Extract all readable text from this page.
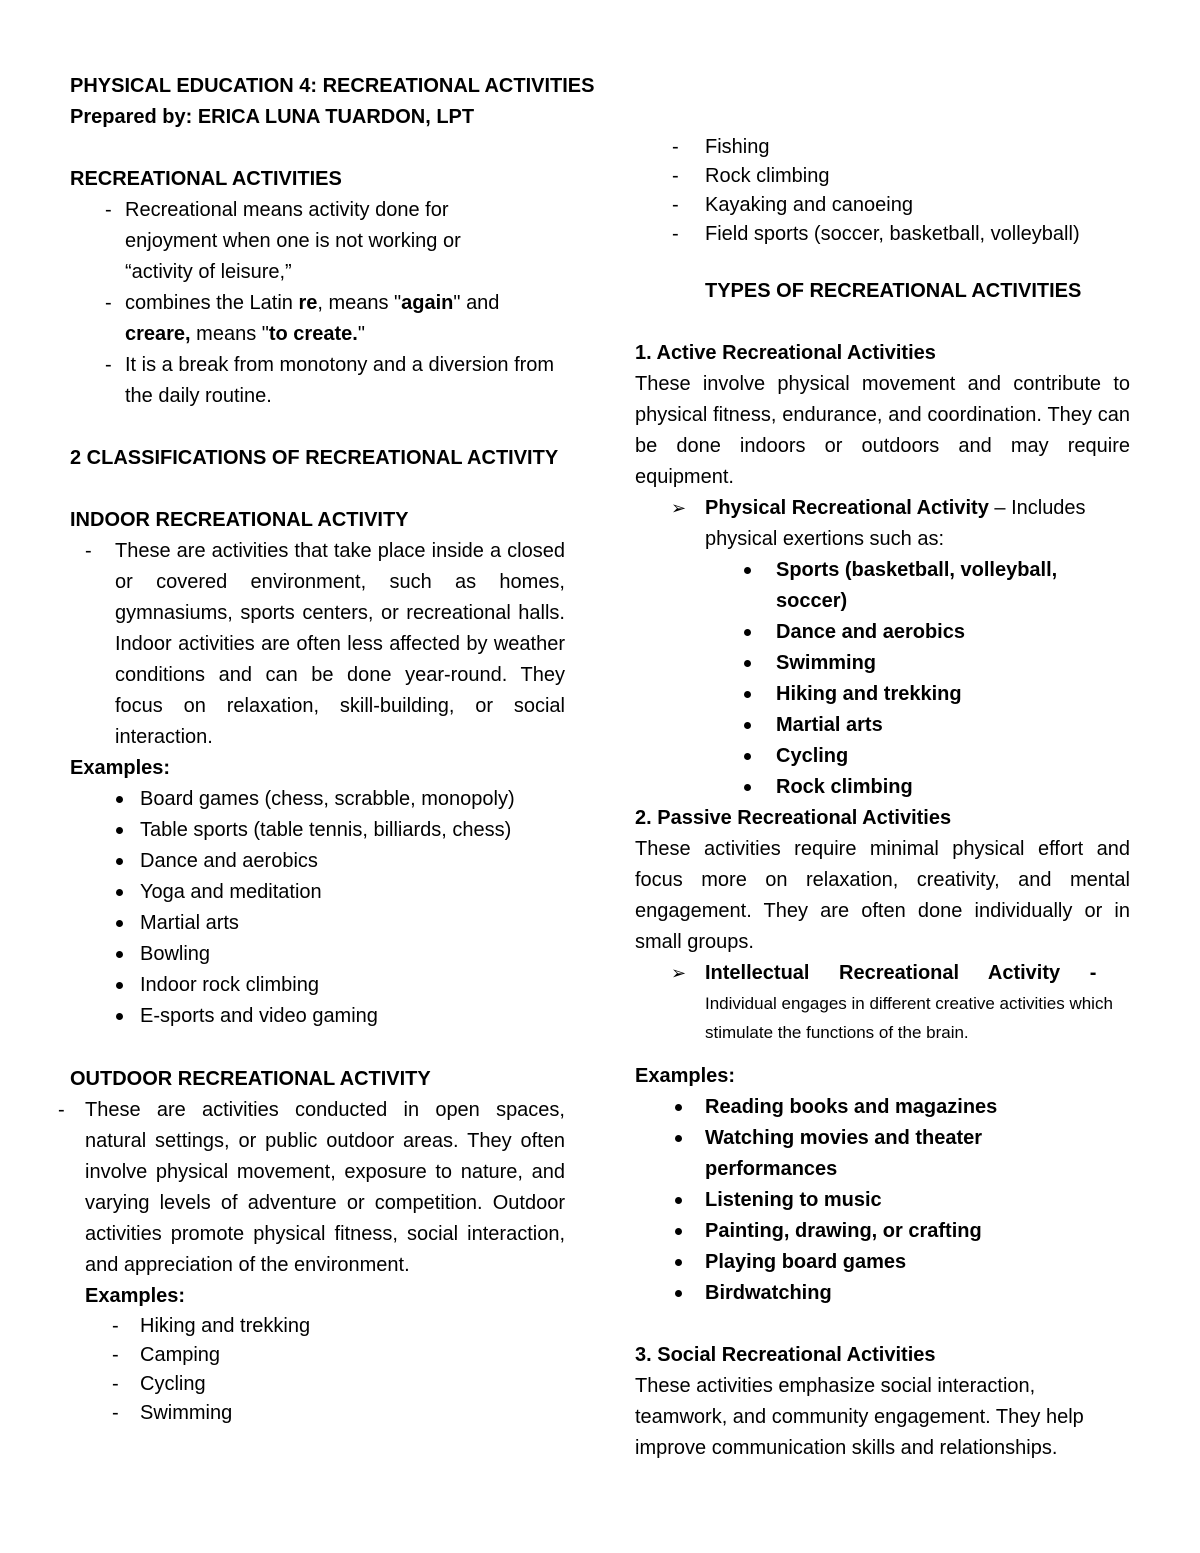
PHYSICAL EDUCATION 4: RECREATIONAL ACTIVITIES
Prepared by: ERICA LUNA TUARDON, LPT
RECREATIONAL ACTIVITIES
- Recreational means activity done for enjoyment when one is not working or “activity of leisure,”
- combines the Latin re, means "again" and creare, means "to create."
- It is a break from monotony and a diversion from the daily routine.
2 CLASSIFICATIONS OF RECREATIONAL ACTIVITY
INDOOR RECREATIONAL ACTIVITY
- These are activities that take place inside a closed or covered environment, such as homes, gymnasiums, sports centers, or recreational halls. Indoor activities are often less affected by weather conditions and can be done year-round. They focus on relaxation, skill-building, or social interaction.
Examples:
Board games (chess, scrabble, monopoly)
Table sports (table tennis, billiards, chess)
Dance and aerobics
Yoga and meditation
Martial arts
Bowling
Indoor rock climbing
E-sports and video gaming
OUTDOOR RECREATIONAL ACTIVITY
- These are activities conducted in open spaces, natural settings, or public outdoor areas. They often involve physical movement, exposure to nature, and varying levels of adventure or competition. Outdoor activities promote physical fitness, social interaction, and appreciation of the environment.
Examples:
- Hiking and trekking
- Camping
- Cycling
- Swimming
- Fishing
- Rock climbing
- Kayaking and canoeing
- Field sports (soccer, basketball, volleyball)
TYPES OF RECREATIONAL ACTIVITIES
1. Active Recreational Activities
These involve physical movement and contribute to physical fitness, endurance, and coordination. They can be done indoors or outdoors and may require equipment.
➢ Physical Recreational Activity – Includes physical exertions such as:
Sports (basketball, volleyball, soccer)
Dance and aerobics
Swimming
Hiking and trekking
Martial arts
Cycling
Rock climbing
2. Passive Recreational Activities
These activities require minimal physical effort and focus more on relaxation, creativity, and mental engagement. They are often done individually or in small groups.
➢ Intellectual Recreational Activity -
Individual engages in different creative activities which stimulate the functions of the brain.
Examples:
Reading books and magazines
Watching movies and theater performances
Listening to music
Painting, drawing, or crafting
Playing board games
Birdwatching
3. Social Recreational Activities
These activities emphasize social interaction, teamwork, and community engagement. They help improve communication skills and relationships.
